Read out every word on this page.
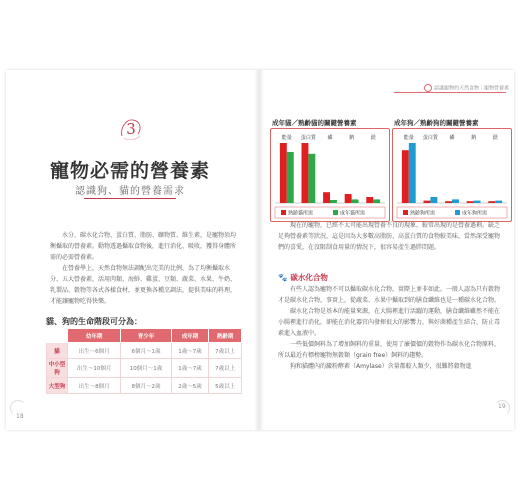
3
寵物必需的營養素
認識狗、貓的營養需求

水分、碳水化合物、蛋白質、脂肪、礦物質、維生素，是寵物須均衡攝取的營養素。動物透過攝取食物後，進行消化、吸收，獲得身體所需的必需營養素。

在營養學上，天然食物無法調配出完美的比例，為了均衡攝取水分、五大營養素，活用肉類、海鮮、雞蛋、豆類、蔬菜、水果、牛奶、乳製品、穀物等各式各樣食材，並更換各種烹調法，提供美味的料理，才能讓寵物吃得快樂。

貓、狗的生命階段可分為：
	幼年期	青少年	成年期	熟齡期
貓	出生〜6個月	6個月〜1歲	1歲〜7歲	7歲以上
中小型狗	出生〜10個月	10個月〜1歲	1歲〜7歲	7歲以上
大型狗	出生〜8個月	8個月〜2歲	2歲〜5歲	5歲以上
18
認識寵物的天然食物｜寵物營養素
成年貓／熟齡貓的關鍵營養素
能量 蛋白質 磷	鈉	鎂
熟齡貓所需	成年貓所需
成年狗／熟齡狗的關鍵營養素
能量 蛋白質 磷	鈉	鎂
熟齡狗所需	成年狗所需

現在的寵物，已經不太可能出現營養不良的現象，較常出現的是營養過剩。缺乏足夠營養素等狀況，這是因為大多數高脂肪、高蛋白質的食物較美味，當然深受寵物們的喜愛，在沒限制食用量的情況下，很容易產生過胖問題。

🐾 碳水化合物

有些人認為寵物不可以攝取碳水化合物，實際上並非如此。一般人認為只有穀物才是碳水化合物，事實上，從蔬菜、水果中攝取到的膳食纖維也是一種碳水化合物。

碳水化合物是基本的能量來源，在大腸裡進行活躍的運動，膳食纖維雖然不能在小腸裡進行消化，卻能在消化器官內發揮很大的影響力，與好菌種產生結合，防止毒素進入血液中。

一些低價飼料為了增加飼料的重量，使用了廉價價的穀物作為碳水化合物原料，所以最近有標榜寵物無穀類（grain free）飼料的趨勢。

狗和貓體內的澱粉酵素（Amylase）含量都較人類少，很難將穀物進

19
